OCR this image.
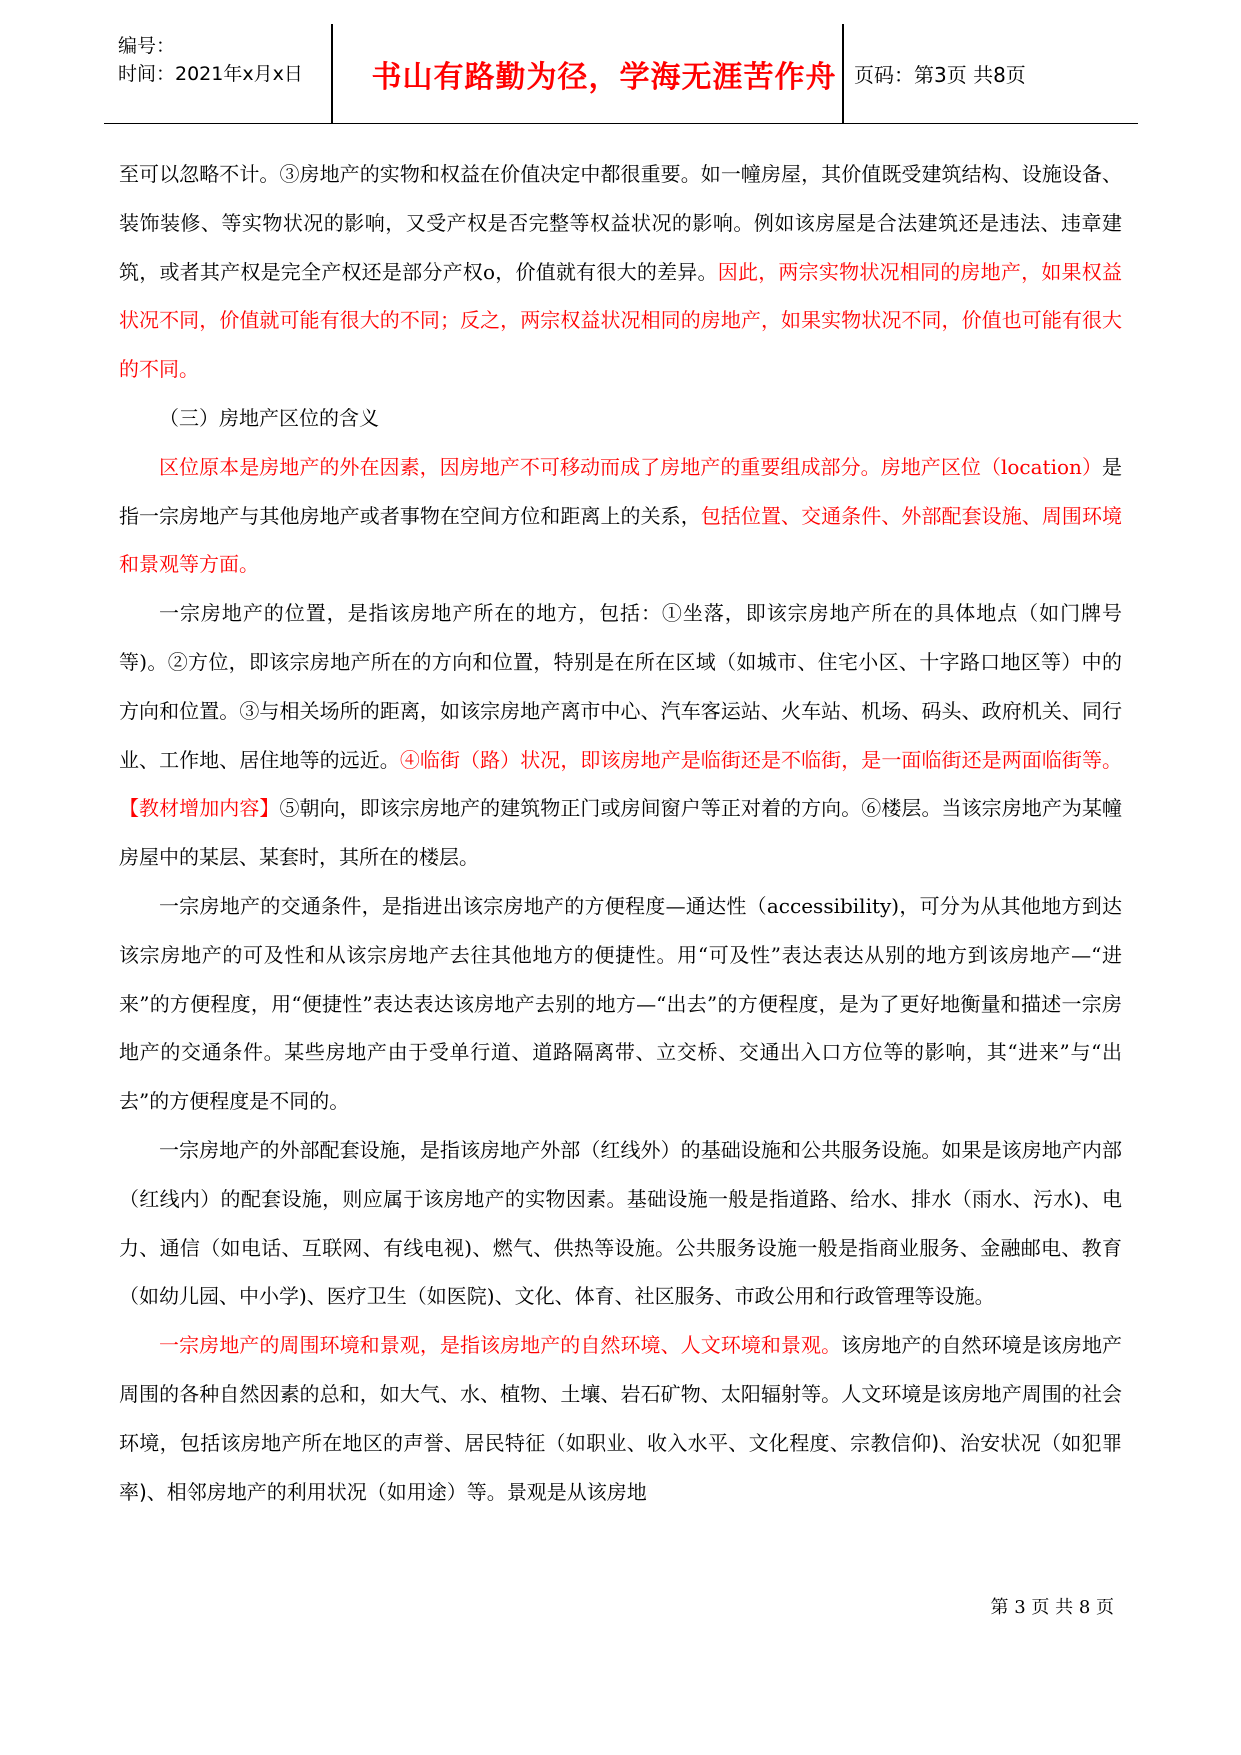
编号：
时间：2021年x月x日	书山有路勤为径，学海无涯苦作舟 页码：第3页 共8页

至可以忽略不计。③房地产的实物和权益在价值决定中都很重要。如一幢房屋，其价值既受建筑结构、设施设备、装饰装修、等实物状况的影响，又受产权是否完整等权益状况的影响。例如该房屋是合法建筑还是违法、违章建筑，或者其产权是完全产权还是部分产权o，价值就有很大的差异。因此，两宗实物状况相同的房地产，如果权益状况不同，价值就可能有很大的不同；反之，两宗权益状况相同的房地产，如果实物状况不同，价值也可能有很大的不同。

（三）房地产区位的含义

区位原本是房地产的外在因素，因房地产不可移动而成了房地产的重要组成部分。房地产区位（location）是指一宗房地产与其他房地产或者事物在空间方位和距离上的关系，包括位置、交通条件、外部配套设施、周围环境和景观等方面。

一宗房地产的位置，是指该房地产所在的地方，包括：①坐落，即该宗房地产所在的具体地点（如门牌号等)。②方位，即该宗房地产所在的方向和位置，特别是在所在区域（如城市、住宅小区、十字路口地区等）中的方向和位置。③与相关场所的距离，如该宗房地产离市中心、汽车客运站、火车站、机场、码头、政府机关、同行业、工作地、居住地等的远近。④临街（路）状况，即该房地产是临街还是不临街，是一面临街还是两面临街等。【教材增加内容】⑤朝向，即该宗房地产的建筑物正门或房间窗户等正对着的方向。⑥楼层。当该宗房地产为某幢房屋中的某层、某套时，其所在的楼层。

一宗房地产的交通条件，是指进出该宗房地产的方便程度—通达性（accessibility)，可分为从其他地方到达该宗房地产的可及性和从该宗房地产去往其他地方的便捷性。用“可及性”表达表达从别的地方到该房地产—“进来”的方便程度，用“便捷性”表达表达该房地产去别的地方—“出去”的方便程度，是为了更好地衡量和描述一宗房地产的交通条件。某些房地产由于受单行道、道路隔离带、立交桥、交通出入口方位等的影响，其“进来”与“出去”的方便程度是不同的。

一宗房地产的外部配套设施，是指该房地产外部（红线外）的基础设施和公共服务设施。如果是该房地产内部（红线内）的配套设施，则应属于该房地产的实物因素。基础设施一般是指道路、给水、排水（雨水、污水)、电力、通信（如电话、互联网、有线电视)、燃气、供热等设施。公共服务设施一般是指商业服务、金融邮电、教育（如幼儿园、中小学)、医疗卫生（如医院)、文化、体育、社区服务、市政公用和行政管理等设施。

一宗房地产的周围环境和景观，是指该房地产的自然环境、人文环境和景观。该房地产的自然环境是该房地产周围的各种自然因素的总和，如大气、水、植物、土壤、岩石矿物、太阳辐射等。人文环境是该房地产周围的社会环境，包括该房地产所在地区的声誉、居民特征（如职业、收入水平、文化程度、宗教信仰)、治安状况（如犯罪率)、相邻房地产的利用状况（如用途）等。景观是从该房地

第 3 页 共 8 页
